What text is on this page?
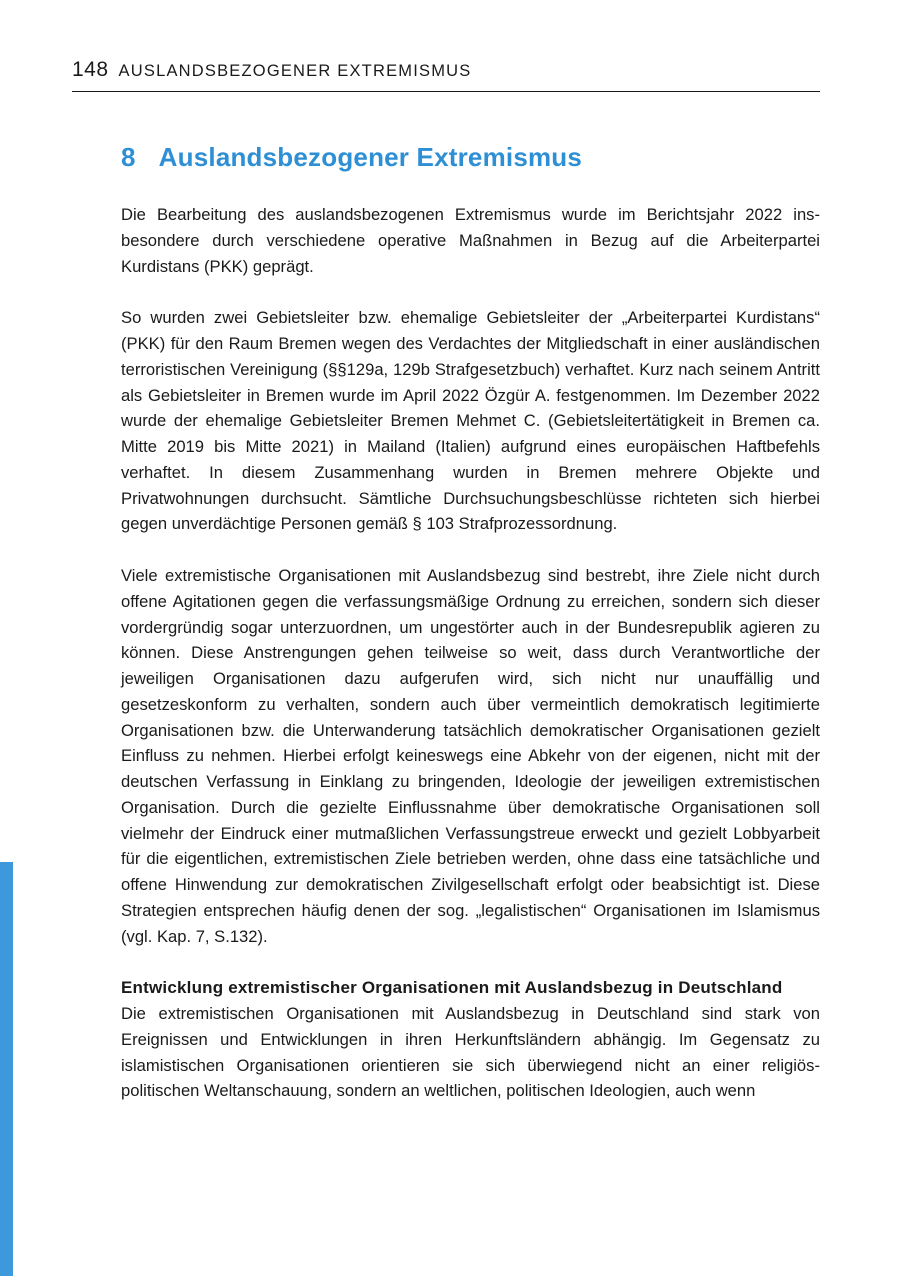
148 AUSLANDSBEZOGENER EXTREMISMUS
8 Auslandsbezogener Extremismus

Die Bearbeitung des auslandsbezogenen Extremismus wurde im Berichtsjahr 2022 insbesondere durch verschiedene operative Maßnahmen in Bezug auf die Arbeiterpartei Kurdistans (PKK) geprägt.

So wurden zwei Gebietsleiter bzw. ehemalige Gebietsleiter der „Arbeiterpartei Kurdistans“ (PKK) für den Raum Bremen wegen des Verdachtes der Mitgliedschaft in einer ausländischen terroristischen Vereinigung (§§129a, 129b Strafgesetzbuch) verhaftet. Kurz nach seinem Antritt als Gebietsleiter in Bremen wurde im April 2022 Özgür A. festgenommen. Im Dezember 2022 wurde der ehemalige Gebietsleiter Bremen Mehmet C. (Gebietsleitertätigkeit in Bremen ca. Mitte 2019 bis Mitte 2021) in Mailand (Italien) aufgrund eines europäischen Haftbefehls verhaftet. In diesem Zusammenhang wurden in Bremen mehrere Objekte und Privatwohnungen durchsucht. Sämtliche Durchsuchungsbeschlüsse richteten sich hierbei gegen unverdächtige Personen gemäß § 103 Strafprozessordnung.

Viele extremistische Organisationen mit Auslandsbezug sind bestrebt, ihre Ziele nicht durch offene Agitationen gegen die verfassungsmäßige Ordnung zu erreichen, sondern sich dieser vordergründig sogar unterzuordnen, um ungestörter auch in der Bundesrepublik agieren zu können. Diese Anstrengungen gehen teilweise so weit, dass durch Verantwortliche der jeweiligen Organisationen dazu aufgerufen wird, sich nicht nur unauffällig und gesetzeskonform zu verhalten, sondern auch über vermeintlich demokratisch legitimierte Organisationen bzw. die Unterwanderung tatsächlich demokratischer Organisationen gezielt Einfluss zu nehmen. Hierbei erfolgt keineswegs eine Abkehr von der eigenen, nicht mit der deutschen Verfassung in Einklang zu bringenden, Ideologie der jeweiligen extremistischen Organisation. Durch die gezielte Einflussnahme über demokratische Organisationen soll vielmehr der Eindruck einer mutmaßlichen Verfassungstreue erweckt und gezielt Lobbyarbeit für die eigentlichen, extremistischen Ziele betrieben werden, ohne dass eine tatsächliche und offene Hinwendung zur demokratischen Zivilgesellschaft erfolgt oder beabsichtigt ist. Diese Strategien entsprechen häufig denen der sog. „legalistischen“ Organisationen im Islamismus (vgl. Kap. 7, S.132).

Entwicklung extremistischer Organisationen mit Auslandsbezug in Deutschland

Die extremistischen Organisationen mit Auslandsbezug in Deutschland sind stark von Ereignissen und Entwicklungen in ihren Herkunftsländern abhängig. Im Gegensatz zu islamistischen Organisationen orientieren sie sich überwiegend nicht an einer religiös-politischen Weltanschauung, sondern an weltlichen, politischen Ideologien, auch wenn
